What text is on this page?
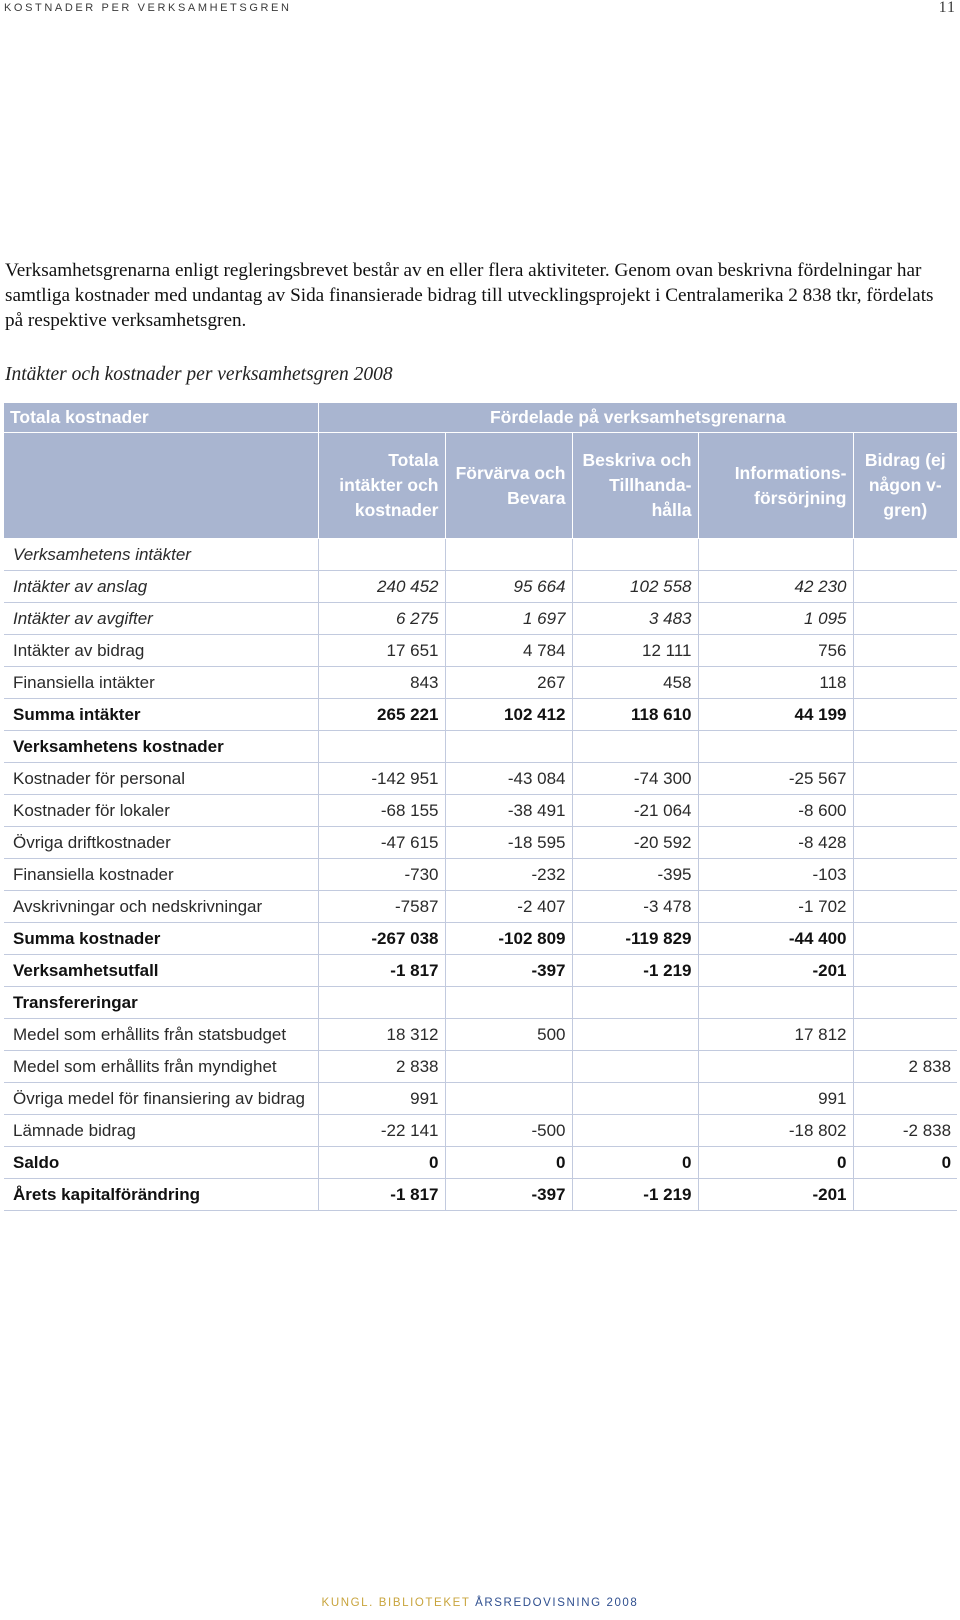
KOSTNADER PER VERKSAMHETSGREN	11
Verksamhetsgrenarna enligt regleringsbrevet består av en eller flera aktiviteter. Genom ovan beskrivna fördelningar har samtliga kostnader med undantag av Sida finansierade bidrag till utvecklingsprojekt i Centralamerika 2 838 tkr, fördelats på respektive verksamhetsgren.
Intäkter och kostnader per verksamhetsgren 2008
Totala kostnader	Fördelade på verksamhetsgrenarna				
	Totala intäkter och kostnader	Förvärva och Bevara	Beskriva och Tillhanda-hålla	Informations-försörjning	Bidrag (ej någon v-gren)
Verksamhetens intäkter					
Intäkter av anslag	240 452	95 664	102 558	42 230	
Intäkter av avgifter	6 275	1 697	3 483	1 095	
Intäkter av bidrag	17 651	4 784	12 111	756	
Finansiella intäkter	843	267	458	118	
Summa intäkter	265 221	102 412	118 610	44 199	
Verksamhetens kostnader					
Kostnader för personal	-142 951	-43 084	-74 300	-25 567	
Kostnader för lokaler	-68 155	-38 491	-21 064	-8 600	
Övriga driftkostnader	-47 615	-18 595	-20 592	-8 428	
Finansiella kostnader	-730	-232	-395	-103	
Avskrivningar och nedskrivningar	-7587	-2 407	-3 478	-1 702	
Summa kostnader	-267 038	-102 809	-119 829	-44 400	
Verksamhetsutfall	-1 817	-397	-1 219	-201	
Transfereringar					
Medel som erhållits från statsbudget	18 312	500		17 812	
Medel som erhållits från myndighet	2 838				2 838
Övriga medel för finansiering av bidrag	991			991	
Lämnade bidrag	-22 141	-500		-18 802	-2 838
Saldo	0	0	0	0	0
Årets kapitalförändring	-1 817	-397	-1 219	-201	
KUNGL. BIBLIOTEKET ÅRSREDOVISNING 2008
